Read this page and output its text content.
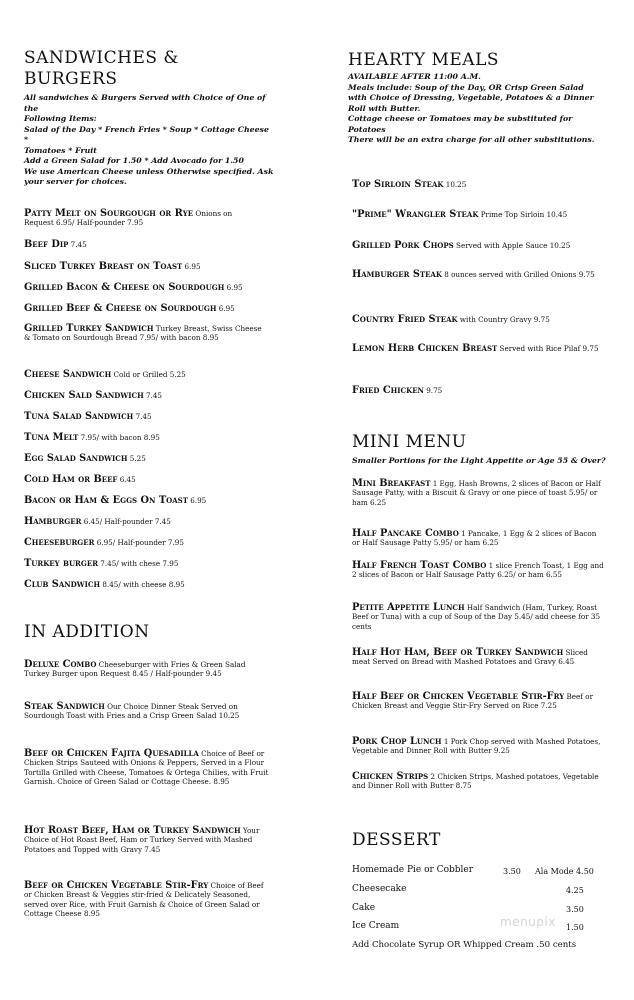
SANDWICHES &
BURGERS
All sandwiches & Burgers Served with Choice of One of the
Following Items:
Salad of the Day * French Fries * Soup * Cottage Cheese *
Tomatoes * Fruit
Add a Green Salad for 1.50 * Add Avocado for 1.50
We use American Cheese unless Otherwise specified. Ask
your server for choices.
Patty Melt on Sourgough or Rye Onions on Request 6.95/ Half-pounder 7.95
Beef Dip 7.45
Sliced Turkey Breast on Toast 6.95
Grilled Bacon & Cheese on Sourdough 6.95
Grilled Beef & Cheese on Sourdough 6.95
Grilled Turkey Sandwich Turkey Breast, Swiss Cheese & Tomato on Sourdough Bread 7.95/ with bacon 8.95
Cheese Sandwich Cold or Grilled 5.25
Chicken Sald Sandwich 7.45
Tuna Salad Sandwich 7.45
Tuna Melt 7.95/ with bacon 8.95
Egg Salad Sandwich 5.25
Cold Ham or Beef 6.45
Bacon or Ham & Eggs On Toast 6.95
Hamburger 6.45/ Half-pounder 7.45
Cheeseburger 6.95/ Half-pounder 7.95
Turkey burger 7.45/ with chese 7.95
Club Sandwich 8.45/ with cheese 8.95
IN ADDITION
Deluxe Combo Cheeseburger with Fries & Green Salad Turkey Burger upon Request 8.45 / Half-pounder 9.45
Steak Sandwich Our Choice Dinner Steak Served on Sourdough Toast with Fries and a Crisp Green Salad 10.25
Beef or Chicken Fajita Quesadilla Choice of Beef or Chicken Strips Sauteed with Onions & Peppers, Served in a Flour Tortilla Grilled with Cheese, Tomatoes & Ortega Chilies, with Fruit Garnish. Choice of Green Salad or Cottage Cheese. 8.95
Hot Roast Beef, Ham or Turkey Sandwich Your Choice of Hot Roast Beef, Ham or Turkey Served with Mashed Potatoes and Topped with Gravy 7.45
Beef or Chicken Vegetable Stir-Fry Choice of Beef or Chicken Breast & Veggies stir-fried & Delicately Seasoned, served over Rice, with Fruit Garnish & Choice of Green Salad or Cottage Cheese 8.95
HEARTY MEALS
AVAILABLE AFTER 11:00 A.M.
Meals include: Soup of the Day, OR Crisp Green Salad
with Choice of Dressing, Vegetable, Potatoes & a Dinner
Roll with Butter.
Cottage cheese or Tomatoes may be substituted for Potatoes
There will be an extra charge for all other substitutions.
Top Sirloin Steak 10.25
"Prime" Wrangler Steak Prime Top Sirloin 10.45
Grilled Pork Chops Served with Apple Sauce 10.25
Hamburger Steak 8 ounces served with Grilled Onions 9.75
Country Fried Steak with Country Gravy 9.75
Lemon Herb Chicken Breast Served with Rice Pilaf 9.75
Fried Chicken 9.75
MINI MENU
Smaller Portions for the Light Appetite or Age 55 & Over?
Mini Breakfast 1 Egg, Hash Browns, 2 slices of Bacon or Half Sausage Patty, with a Biscuit & Gravy or one piece of toast 5.95/ or ham 6.25
Half Pancake Combo 1 Pancake, 1 Egg & 2 slices of Bacon or Half Sausage Patty 5.95/ or ham 6.25
Half French Toast Combo 1 slice French Toast, 1 Egg and 2 slices of Bacon or Half Sausage Patty 6.25/ or ham 6.55
Petite Appetite Lunch Half Sandwich (Ham, Turkey, Roast Beef or Tuna) with a cup of Soup of the Day 5.45/ add cheese for 35 cents
Half Hot Ham, Beef or Turkey Sandwich Sliced meat Served on Bread with Mashed Potatoes and Gravy 6.45
Half Beef or Chicken Vegetable Stir-Fry Beef or Chicken Breast and Veggie Stir-Fry Served on Rice 7.25
Pork Chop Lunch 1 Pork Chop served with Mashed Potatoes, Vegetable and Dinner Roll with Butter 9.25
Chicken Strips 2 Chicken Strips, Mashed potatoes, Vegetable and Dinner Roll with Butter 8.75
DESSERT
Homemade Pie or Cobbler	3.50 Ala Mode 4.50
Cheesecake	4.25
Cake	3.50
Ice Cream	1.50
Add Chocolate Syrup OR Whipped Cream .50 cents
menupix
